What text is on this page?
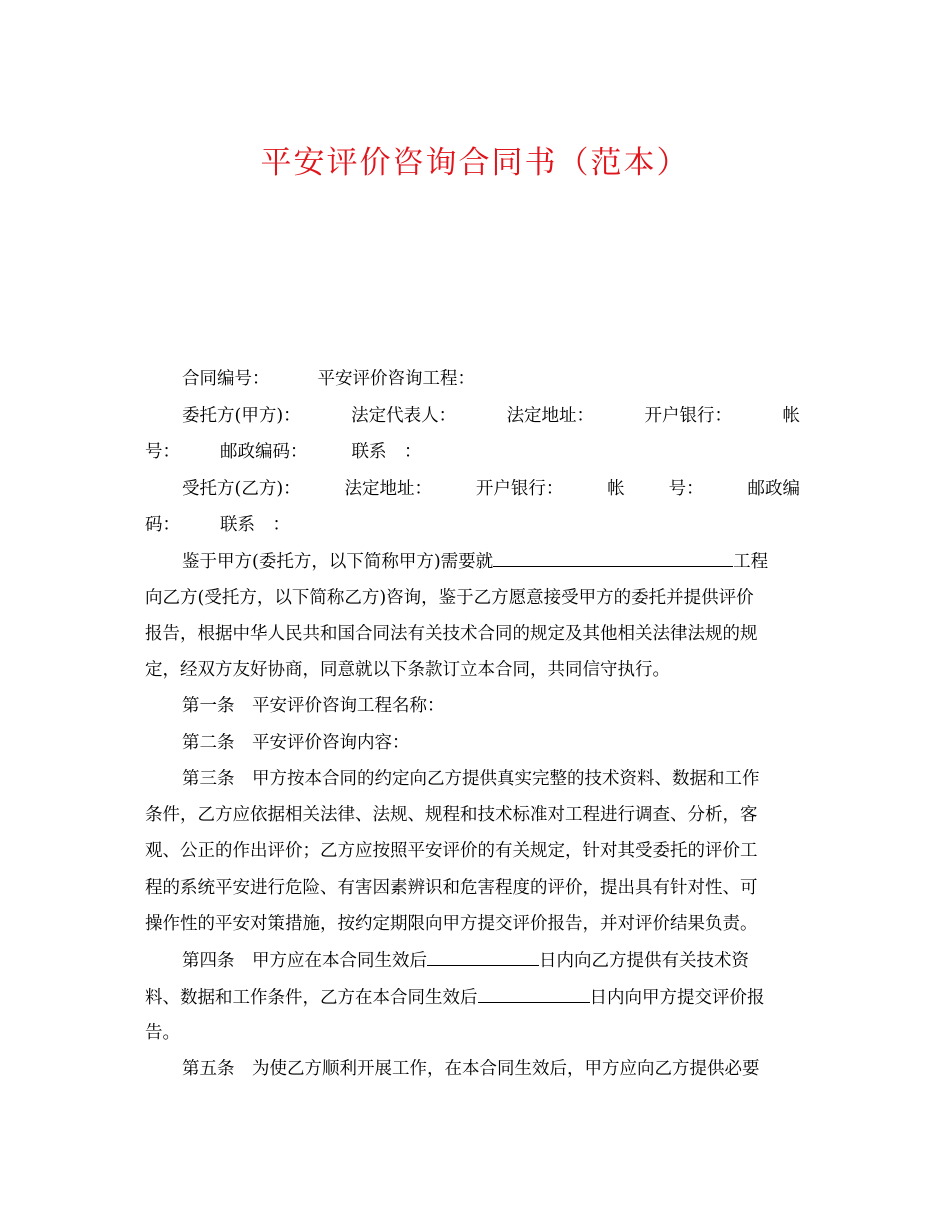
平安评价咨询合同书（范本）
合同编号：	平安评价咨询工程：
委托方(甲方)：	法定代表人：	法定地址：	开户银行：	帐
号： 邮政编码：	联系　：
受托方(乙方)：	法定地址：	开户银行：	帐	号：	邮政编
码： 联系　：
鉴于甲方(委托方，以下简称甲方)需要就	工程
向乙方(受托方，以下简称乙方)咨询，鉴于乙方愿意接受甲方的委托并提供评价
报告，根据中华人民共和国合同法有关技术合同的规定及其他相关法律法规的规
定，经双方友好协商，同意就以下条款订立本合同，共同信守执行。
第一条　平安评价咨询工程名称：
第二条　平安评价咨询内容：
第三条　甲方按本合同的约定向乙方提供真实完整的技术资料、数据和工作
条件，乙方应依据相关法律、法规、规程和技术标准对工程进行调查、分析，客
观、公正的作出评价；乙方应按照平安评价的有关规定，针对其受委托的评价工
程的系统平安进行危险、有害因素辨识和危害程度的评价，提出具有针对性、可
操作性的平安对策措施，按约定期限向甲方提交评价报告，并对评价结果负责。
第四条　甲方应在本合同生效后	日内向乙方提供有关技术资
料、数据和工作条件，乙方在本合同生效后	日内向甲方提交评价报
告。
第五条　为使乙方顺利开展工作，在本合同生效后，甲方应向乙方提供必要
